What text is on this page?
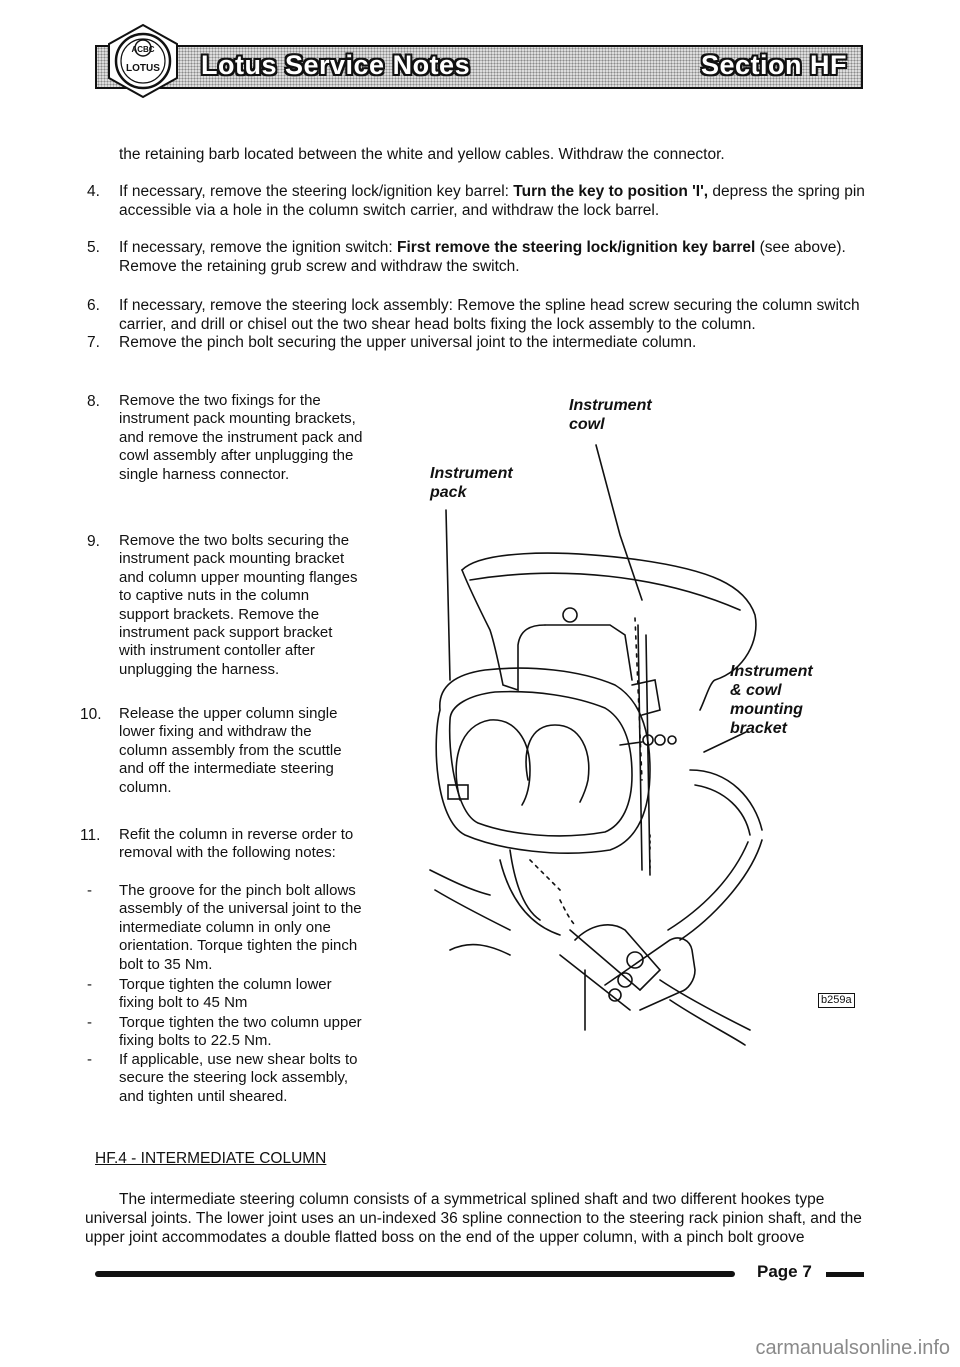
Lotus Service Notes	Section HF
ACBC
LOTUS

the retaining barb located between the white and yellow cables. Withdraw the connector.

4. If necessary, remove the steering lock/ignition key barrel: Turn the key to position 'I', depress the spring pin accessible via a hole in the column switch carrier, and withdraw the lock barrel.

5. If necessary, remove the ignition switch: First remove the steering lock/ignition key barrel (see above). Remove the retaining grub screw and withdraw the switch.

6. If necessary, remove the steering lock assembly: Remove the spline head screw securing the column switch carrier, and drill or chisel out the two shear head bolts fixing the lock assembly to the column.

7. Remove the pinch bolt securing the upper universal joint to the intermediate column.

8. Remove the two fixings for the instrument pack mounting brackets, and remove the instrument pack and cowl assembly after unplugging the single harness connector.

9. Remove the two bolts securing the instrument pack mounting bracket and column upper mounting flanges to captive nuts in the column support brackets. Remove the instrument pack support bracket with instrument contoller after unplugging the harness.

10. Release the upper column single lower fixing and withdraw the column assembly from the scuttle and off the intermediate steering column.

11. Refit the column in reverse order to removal with the following notes:

- The groove for the pinch bolt allows assembly of the universal joint to the intermediate column in only one orientation. Torque tighten the pinch bolt to 35 Nm.

- Torque tighten the column lower fixing bolt to 45 Nm

- Torque tighten the two column upper fixing bolts to 22.5 Nm.

- If applicable, use new shear bolts to secure the steering lock assembly, and tighten until sheared.

Instrument
cowl
Instrument
pack
Instrument
& cowl
mounting
bracket
b259a
HF.4 - INTERMEDIATE COLUMN

The intermediate steering column consists of a symmetrical splined shaft and two different hookes type universal joints. The lower joint uses an un-indexed 36 spline connection to the steering rack pinion shaft, and the upper joint accommodates a double flatted boss on the end of the upper column, with a pinch bolt groove

Page 7
carmanualsonline.info
